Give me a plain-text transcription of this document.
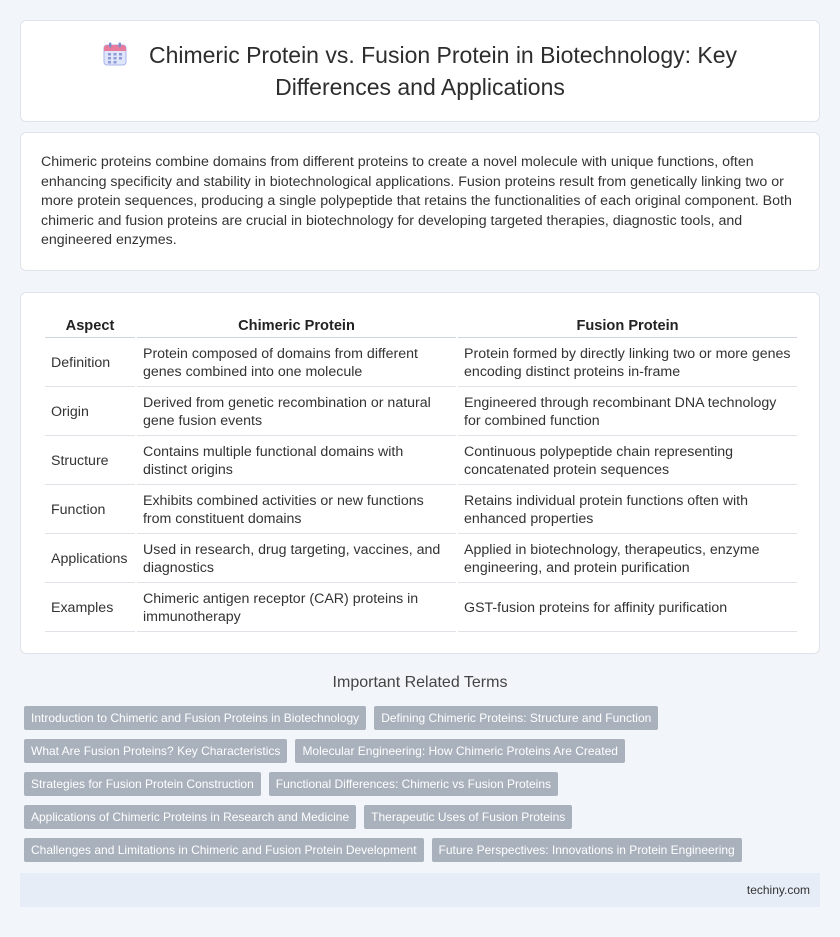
Chimeric Protein vs. Fusion Protein in Biotechnology: Key Differences and Applications

Chimeric proteins combine domains from different proteins to create a novel molecule with unique functions, often enhancing specificity and stability in biotechnological applications. Fusion proteins result from genetically linking two or more protein sequences, producing a single polypeptide that retains the functionalities of each original component. Both chimeric and fusion proteins are crucial in biotechnology for developing targeted therapies, diagnostic tools, and engineered enzymes.

Aspect	Chimeric Protein	Fusion Protein
Definition	Protein composed of domains from different genes combined into one molecule	Protein formed by directly linking two or more genes encoding distinct proteins in-frame
Origin	Derived from genetic recombination or natural gene fusion events	Engineered through recombinant DNA technology for combined function
Structure	Contains multiple functional domains with distinct origins	Continuous polypeptide chain representing concatenated protein sequences
Function	Exhibits combined activities or new functions from constituent domains	Retains individual protein functions often with enhanced properties
Applications	Used in research, drug targeting, vaccines, and diagnostics	Applied in biotechnology, therapeutics, enzyme engineering, and protein purification
Examples	Chimeric antigen receptor (CAR) proteins in immunotherapy	GST-fusion proteins for affinity purification
Important Related Terms
Introduction to Chimeric and Fusion Proteins in Biotechnology	Defining Chimeric Proteins: Structure and Function
What Are Fusion Proteins? Key Characteristics	Molecular Engineering: How Chimeric Proteins Are Created
Strategies for Fusion Protein Construction	Functional Differences: Chimeric vs Fusion Proteins
Applications of Chimeric Proteins in Research and Medicine	Therapeutic Uses of Fusion Proteins
Challenges and Limitations in Chimeric and Fusion Protein Development	Future Perspectives: Innovations in Protein Engineering
techiny.com
